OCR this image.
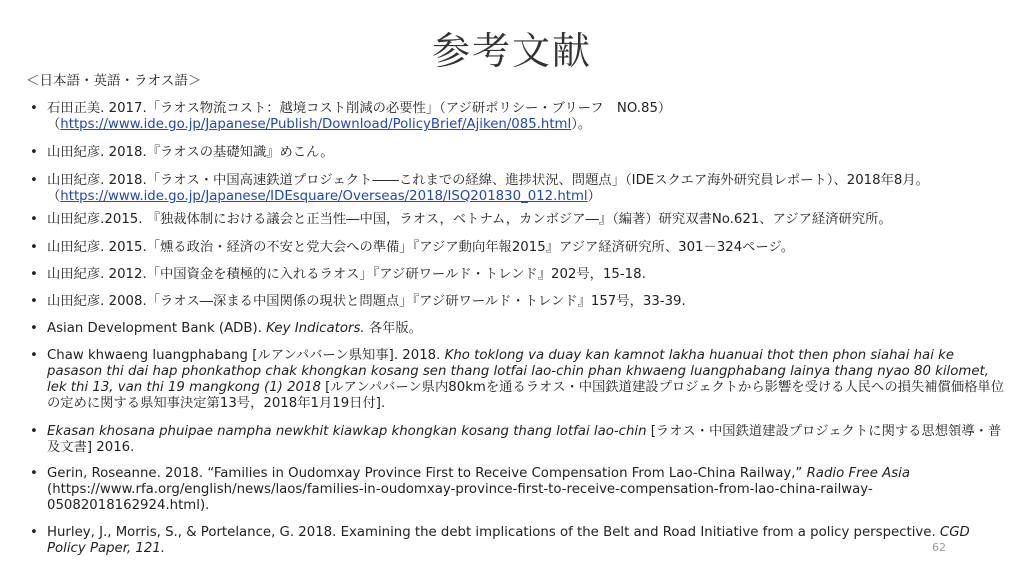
参考文献
＜日本語・英語・ラオス語＞
• 石田正美. 2017.「ラオス物流コスト：越境コスト削減の必要性」（アジ研ポリシー・ブリーフ　NO.85）
（https://www.ide.go.jp/Japanese/Publish/Download/PolicyBrief/Ajiken/085.html）。
• 山田紀彦. 2018.『ラオスの基礎知識』めこん。
• 山田紀彦. 2018.「ラオス・中国高速鉄道プロジェクト――これまでの経緯、進捗状況、問題点」（IDEスクエア海外研究員レポート）、2018年8月。（https://www.ide.go.jp/Japanese/IDEsquare/Overseas/2018/ISQ201830_012.html）
• 山田紀彦.2015. 『独裁体制における議会と正当性―中国，ラオス，ベトナム，カンボジア―』（編著）研究双書No.621、アジア経済研究所。
• 山田紀彦. 2015.「燻る政治・経済の不安と党大会への準備」『アジア動向年報2015』アジア経済研究所、301－324ページ。
• 山田紀彦. 2012.「中国資金を積極的に入れるラオス」『アジ研ワールド・トレンド』202号，15-18.
• 山田紀彦. 2008.「ラオス―深まる中国関係の現状と問題点」『アジ研ワールド・トレンド』157号，33-39.
• Asian Development Bank (ADB). Key Indicators. 各年版。
• Chaw khwaeng luangphabang [ルアンパバーン県知事]. 2018. Kho toklong va duay kan kamnot lakha huanuai thot then phon siahai hai ke pasason thi dai hap phonkathop chak khongkan kosang sen thang lotfai lao-chin phan khwaeng luangphabang lainya thang nyao 80 kilomet, lek thi 13, van thi 19 mangkong (1) 2018 [ルアンパバーン県内80kmを通るラオス・中国鉄道建設プロジェクトから影響を受ける人民への損失補償価格単位の定めに関する県知事決定第13号，2018年1月19日付].
• Ekasan khosana phuipae nampha newkhit kiawkap khongkan kosang thang lotfai lao-chin [ラオス・中国鉄道建設プロジェクトに関する思想領導・普及文書] 2016.
• Gerin, Roseanne. 2018. “Families in Oudomxay Province First to Receive Compensation From Lao-China Railway,” Radio Free Asia (https://www.rfa.org/english/news/laos/families-in-oudomxay-province-first-to-receive-compensation-from-lao-china-railway-05082018162924.html).
• Hurley, J., Morris, S., & Portelance, G. 2018. Examining the debt implications of the Belt and Road Initiative from a policy perspective. CGD Policy Paper, 121.	62
